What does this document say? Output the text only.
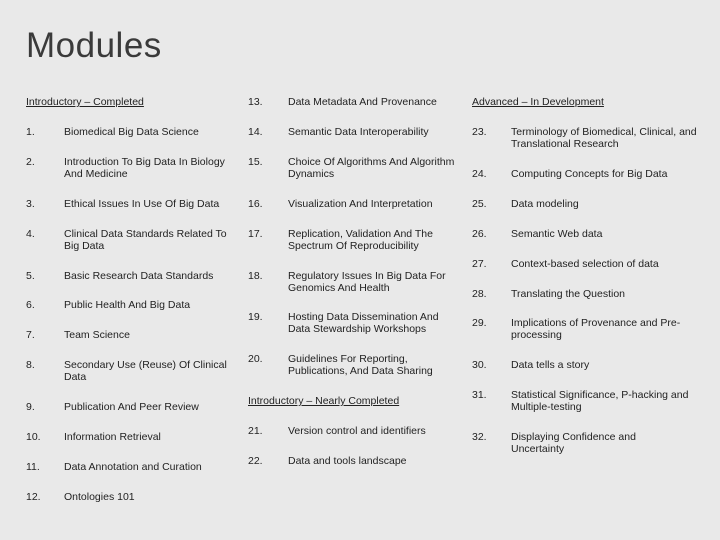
Modules
Introductory – Completed
1.	Biomedical Big Data Science
2.	Introduction To Big Data In Biology And Medicine
3.	Ethical Issues In Use Of Big Data
4.	Clinical Data Standards Related To Big Data
5.	Basic Research Data Standards
6.	Public Health And Big Data
7.	Team Science
8.	Secondary Use (Reuse) Of Clinical Data
9.	Publication And Peer Review
10. Information Retrieval
11. Data Annotation and Curation
12. Ontologies 101
13. Data Metadata And Provenance
14. Semantic Data Interoperability
15. Choice Of Algorithms And Algorithm Dynamics
16. Visualization And Interpretation
17. Replication, Validation And The Spectrum Of Reproducibility
18. Regulatory Issues In Big Data For Genomics And Health
19. Hosting Data Dissemination And Data Stewardship Workshops
20. Guidelines For Reporting, Publications, And Data Sharing
Introductory – Nearly Completed
21. Version control and identifiers
22. Data and tools landscape
Advanced – In Development
23. Terminology of Biomedical, Clinical, and Translational Research
24. Computing Concepts for Big Data
25. Data modeling
26. Semantic Web data
27. Context-based selection of data
28. Translating the Question
29. Implications of Provenance and Pre-processing
30. Data tells a story
31. Statistical Significance, P-hacking and Multiple-testing
32. Displaying Confidence and Uncertainty
